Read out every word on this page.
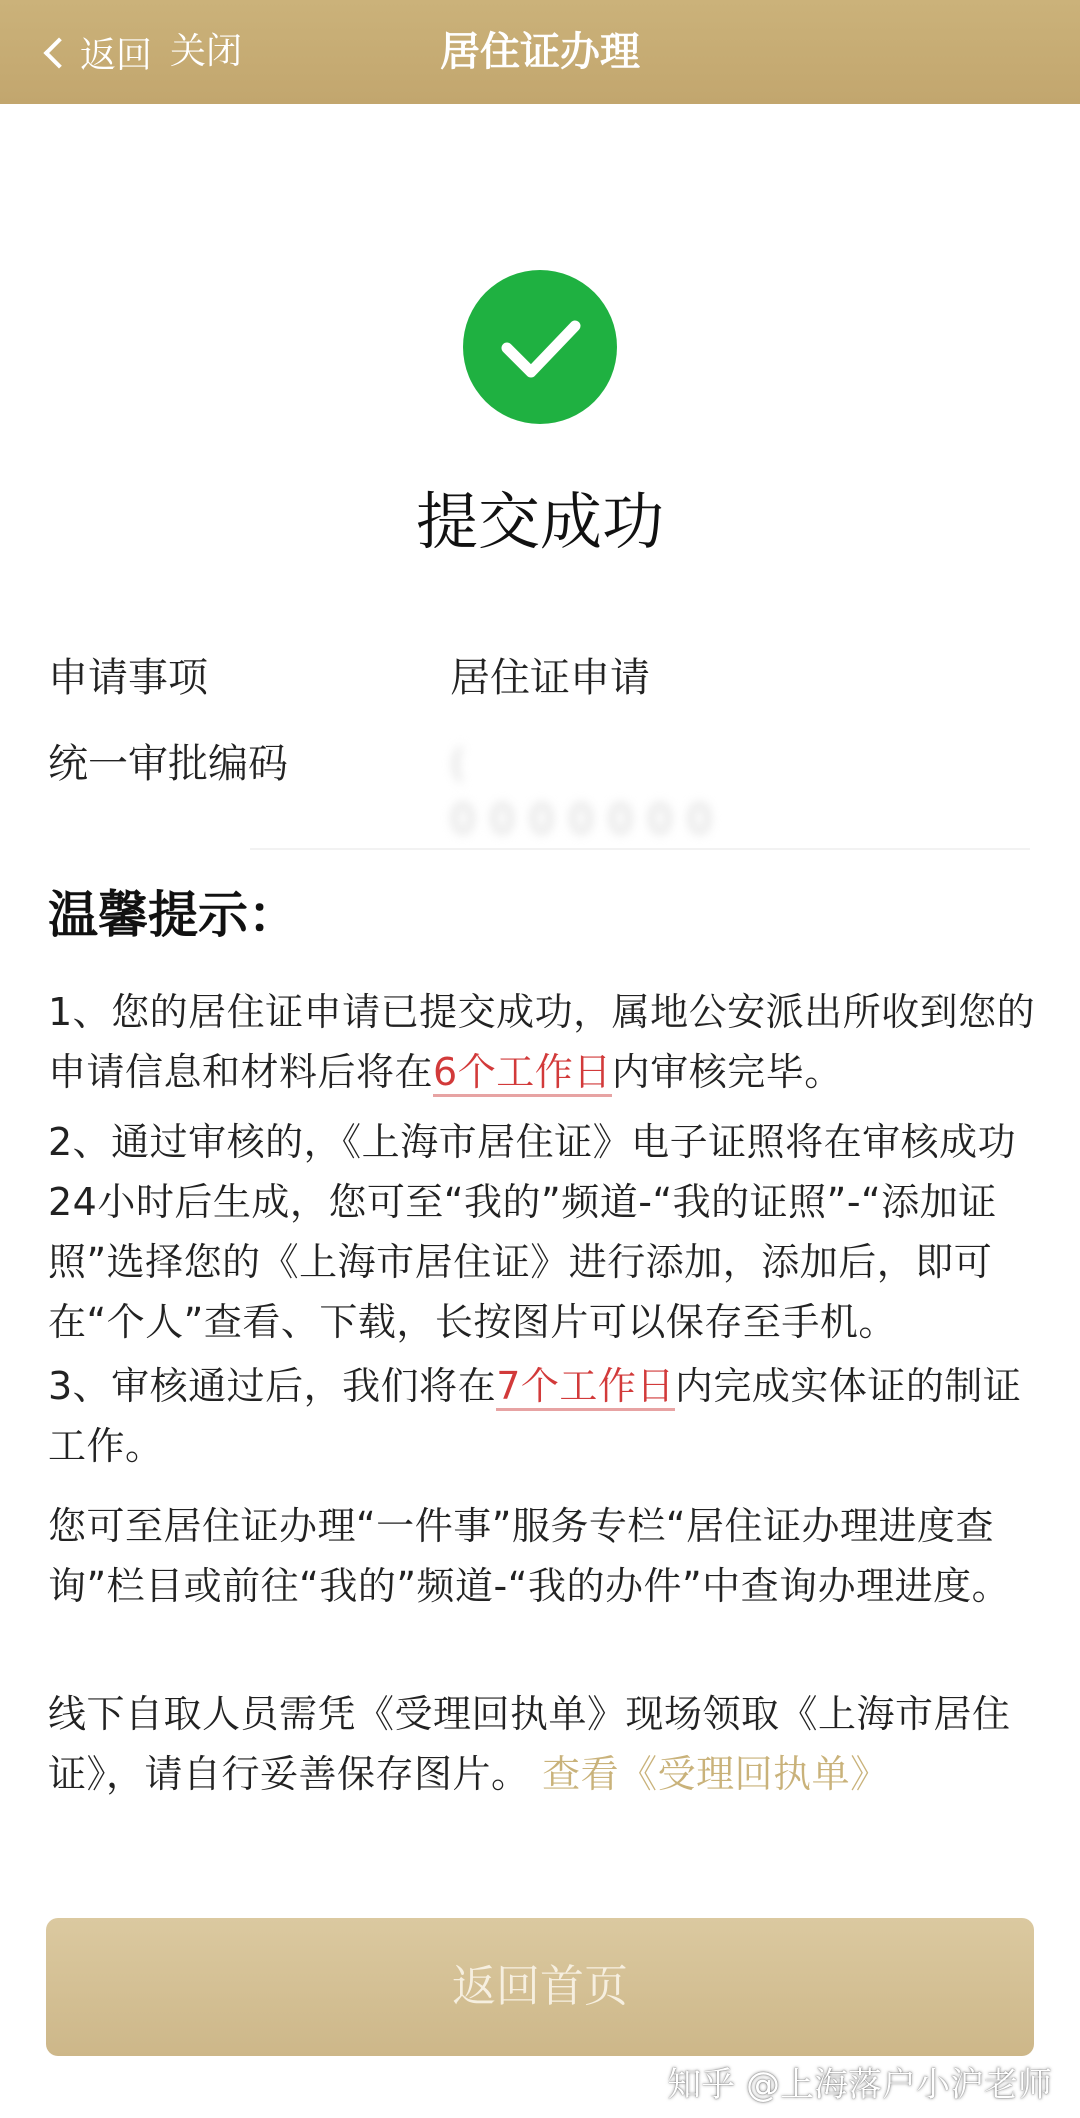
返回 关闭	居住证办理
提交成功
申请事项	居住证申请
统一审批编码	( 0000000
温馨提示：
1、您的居住证申请已提交成功，属地公安派出所收到您的申请信息和材料后将在6个工作日内审核完毕。
2、通过审核的，《上海市居住证》电子证照将在审核成功24小时后生成，您可至“我的”频道-“我的证照”-“添加证照”选择您的《上海市居住证》进行添加，添加后，即可在“个人”查看、下载，长按图片可以保存至手机。
3、审核通过后，我们将在7个工作日内完成实体证的制证工作。
您可至居住证办理“一件事”服务专栏“居住证办理进度查询”栏目或前往“我的”频道-“我的办件”中查询办理进度。
线下自取人员需凭《受理回执单》现场领取《上海市居住证》，请自行妥善保存图片。 查看《受理回执单》
返回首页
知乎 @上海落户小沪老师
